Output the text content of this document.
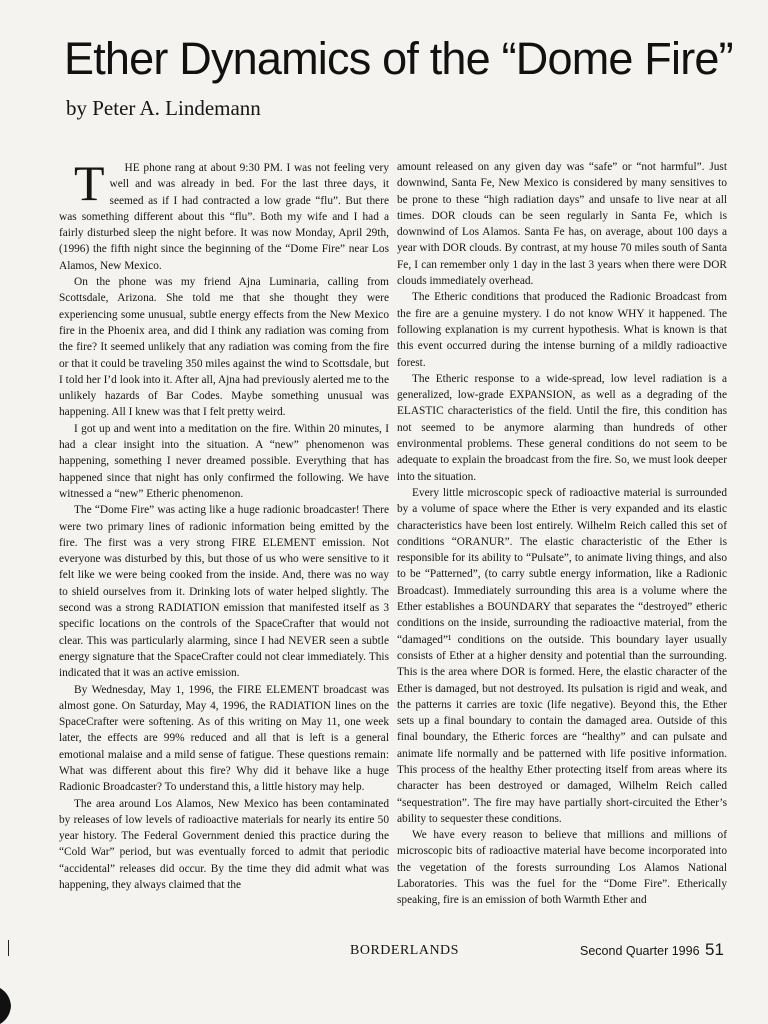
Ether Dynamics of the “Dome Fire”
by Peter A. Lindemann

T HE phone rang at about 9:30 PM. I was not feeling very well and was already in bed. For the last three days, it seemed as if I had contracted a low grade “flu”. But there was something different about this “flu”. Both my wife and I had a fairly disturbed sleep the night before. It was now Monday, April 29th, (1996) the fifth night since the beginning of the “Dome Fire” near Los Alamos, New Mexico.

On the phone was my friend Ajna Luminaria, calling from Scottsdale, Arizona. She told me that she thought they were experiencing some unusual, subtle energy effects from the New Mexico fire in the Phoenix area, and did I think any radiation was coming from the fire? It seemed unlikely that any radiation was coming from the fire or that it could be traveling 350 miles against the wind to Scottsdale, but I told her I’d look into it. After all, Ajna had previously alerted me to the unlikely hazards of Bar Codes. Maybe something unusual was happening. All I knew was that I felt pretty weird.

I got up and went into a meditation on the fire. Within 20 minutes, I had a clear insight into the situation. A “new” phenomenon was happening, something I never dreamed possible. Everything that has happened since that night has only confirmed the following. We have witnessed a “new” Etheric phenomenon.

The “Dome Fire” was acting like a huge radionic broadcaster! There were two primary lines of radionic information being emitted by the fire. The first was a very strong FIRE ELEMENT emission. Not everyone was disturbed by this, but those of us who were sensitive to it felt like we were being cooked from the inside. And, there was no way to shield ourselves from it. Drinking lots of water helped slightly. The second was a strong RADIATION emission that manifested itself as 3 specific locations on the controls of the SpaceCrafter that would not clear. This was particularly alarming, since I had NEVER seen a subtle energy signature that the SpaceCrafter could not clear immediately. This indicated that it was an active emission.

By Wednesday, May 1, 1996, the FIRE ELEMENT broadcast was almost gone. On Saturday, May 4, 1996, the RADIATION lines on the SpaceCrafter were softening. As of this writing on May 11, one week later, the effects are 99% reduced and all that is left is a general emotional malaise and a mild sense of fatigue. These questions remain: What was different about this fire? Why did it behave like a huge Radionic Broadcaster? To understand this, a little history may help.

The area around Los Alamos, New Mexico has been contaminated by releases of low levels of radioactive materials for nearly its entire 50 year history. The Federal Government denied this practice during the “Cold War” period, but was eventually forced to admit that periodic “accidental” releases did occur. By the time they did admit what was happening, they always claimed that the

amount released on any given day was “safe” or “not harmful”. Just downwind, Santa Fe, New Mexico is considered by many sensitives to be prone to these “high radiation days” and unsafe to live near at all times. DOR clouds can be seen regularly in Santa Fe, which is downwind of Los Alamos. Santa Fe has, on average, about 100 days a year with DOR clouds. By contrast, at my house 70 miles south of Santa Fe, I can remember only 1 day in the last 3 years when there were DOR clouds immediately overhead.

The Etheric conditions that produced the Radionic Broadcast from the fire are a genuine mystery. I do not know WHY it happened. The following explanation is my current hypothesis. What is known is that this event occurred during the intense burning of a mildly radioactive forest.

The Etheric response to a wide-spread, low level radiation is a generalized, low-grade EXPANSION, as well as a degrading of the ELASTIC characteristics of the field. Until the fire, this condition has not seemed to be anymore alarming than hundreds of other environmental problems. These general conditions do not seem to be adequate to explain the broadcast from the fire. So, we must look deeper into the situation.

Every little microscopic speck of radioactive material is surrounded by a volume of space where the Ether is very expanded and its elastic characteristics have been lost entirely. Wilhelm Reich called this set of conditions “ORANUR”. The elastic characteristic of the Ether is responsible for its ability to “Pulsate”, to animate living things, and also to be “Patterned”, (to carry subtle energy information, like a Radionic Broadcast). Immediately surrounding this area is a volume where the Ether establishes a BOUNDARY that separates the “destroyed” etheric conditions on the inside, surrounding the radioactive material, from the “damaged”¹ conditions on the outside. This boundary layer usually consists of Ether at a higher density and potential than the surrounding. This is the area where DOR is formed. Here, the elastic character of the Ether is damaged, but not destroyed. Its pulsation is rigid and weak, and the patterns it carries are toxic (life negative). Beyond this, the Ether sets up a final boundary to contain the damaged area. Outside of this final boundary, the Etheric forces are “healthy” and can pulsate and animate life normally and be patterned with life positive information. This process of the healthy Ether protecting itself from areas where its character has been destroyed or damaged, Wilhelm Reich called “sequestration”. The fire may have partially short-circuited the Ether’s ability to sequester these conditions.

We have every reason to believe that millions and millions of microscopic bits of radioactive material have become incorporated into the vegetation of the forests surrounding Los Alamos National Laboratories. This was the fuel for the “Dome Fire”. Etherically speaking, fire is an emission of both Warmth Ether and

BORDERLANDS	Second Quarter 1996 51
